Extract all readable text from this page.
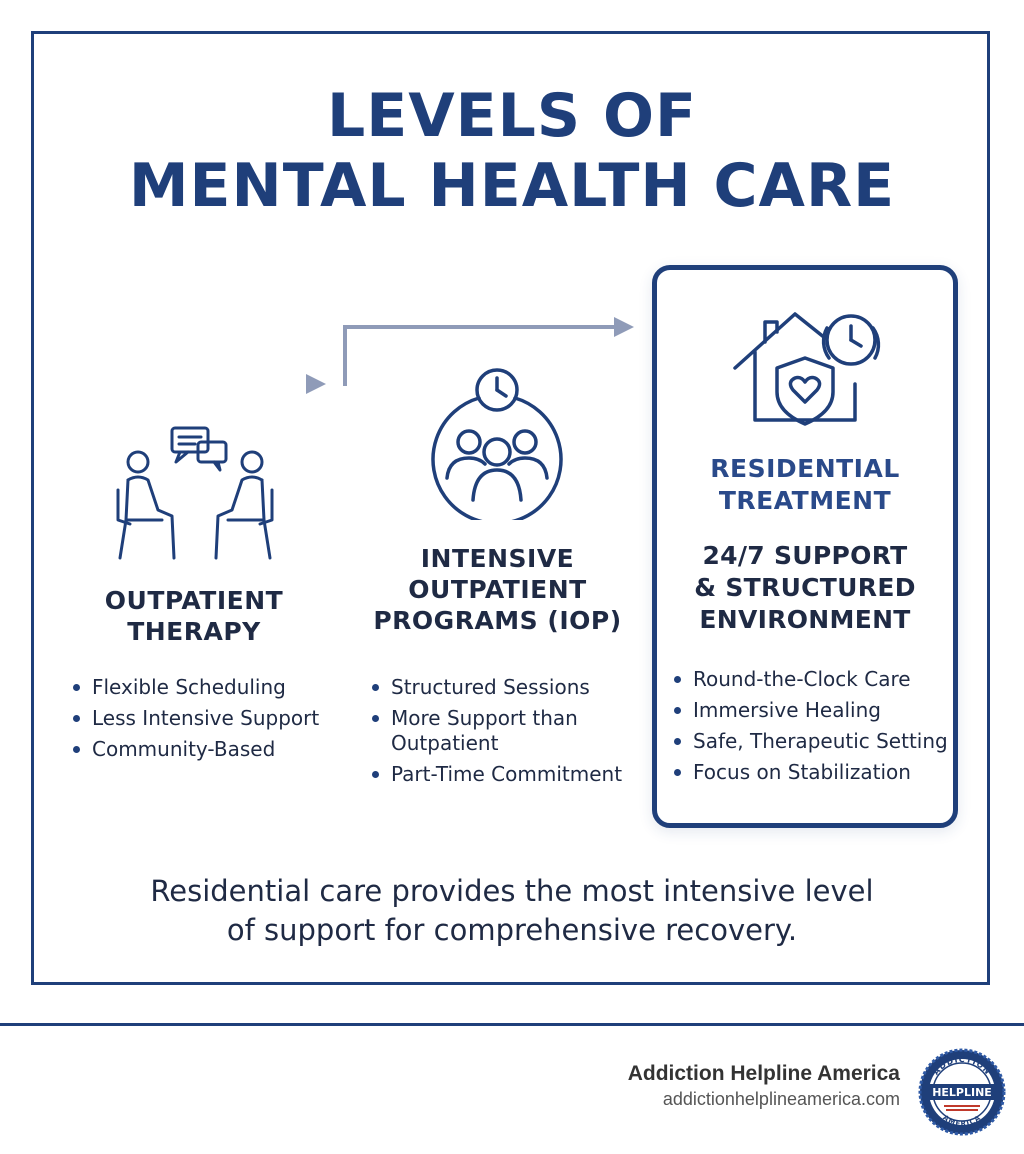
LEVELS OF
MENTAL HEALTH CARE
OUTPATIENT
THERAPY
Flexible Scheduling
Less Intensive Support
Community-Based
INTENSIVE
OUTPATIENT
PROGRAMS (IOP)
Structured Sessions
More Support than Outpatient
Part-Time Commitment
RESIDENTIAL
TREATMENT
24/7 SUPPORT
& STRUCTURED
ENVIRONMENT
Round-the-Clock Care
Immersive Healing
Safe, Therapeutic Setting
Focus on Stabilization
Residential care provides the most intensive level
of support for comprehensive recovery.
Addiction Helpline America
addictionhelplineamerica.com
ADDICTION
HELPLINE
AMERICA
